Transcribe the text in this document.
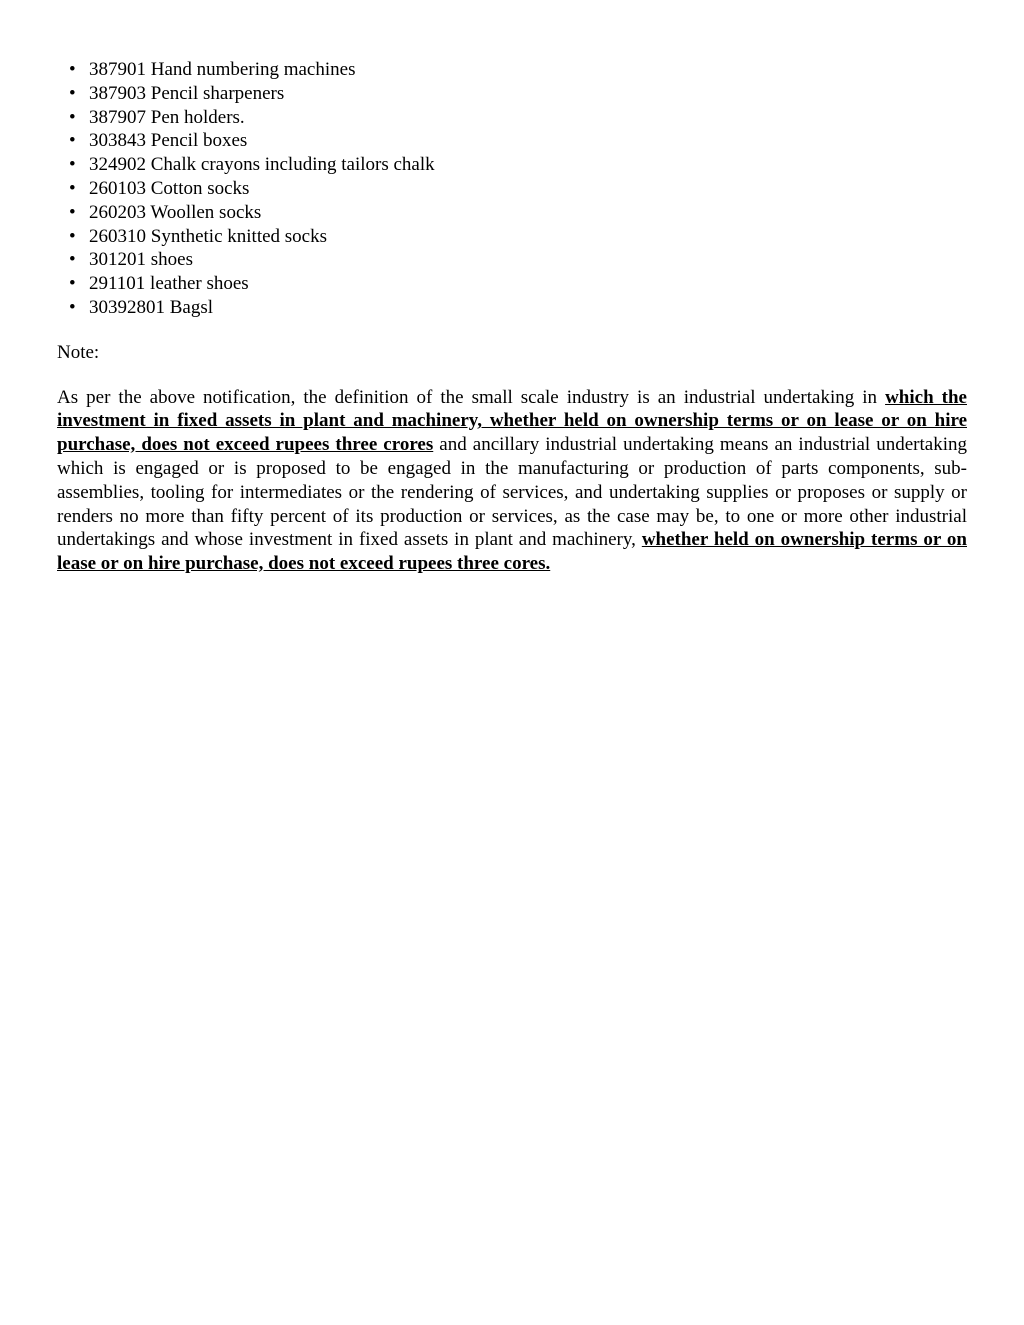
• 387901 Hand numbering machines
• 387903 Pencil sharpeners
• 387907 Pen holders.
• 303843 Pencil boxes
• 324902 Chalk crayons including tailors chalk
• 260103 Cotton socks
• 260203 Woollen socks
• 260310 Synthetic knitted socks
• 301201 shoes
• 291101 leather shoes
• 30392801 Bagsl

Note:

As per the above notification, the definition of the small scale industry is an industrial undertaking in which the investment in fixed assets in plant and machinery, whether held on ownership terms or on lease or on hire purchase, does not exceed rupees three crores and ancillary industrial undertaking means an industrial undertaking which is engaged or is proposed to be engaged in the manufacturing or production of parts components, sub-assemblies, tooling for intermediates or the rendering of services, and undertaking supplies or proposes or supply or renders no more than fifty percent of its production or services, as the case may be, to one or more other industrial undertakings and whose investment in fixed assets in plant and machinery, whether held on ownership terms or on lease or on hire purchase, does not exceed rupees three cores.
